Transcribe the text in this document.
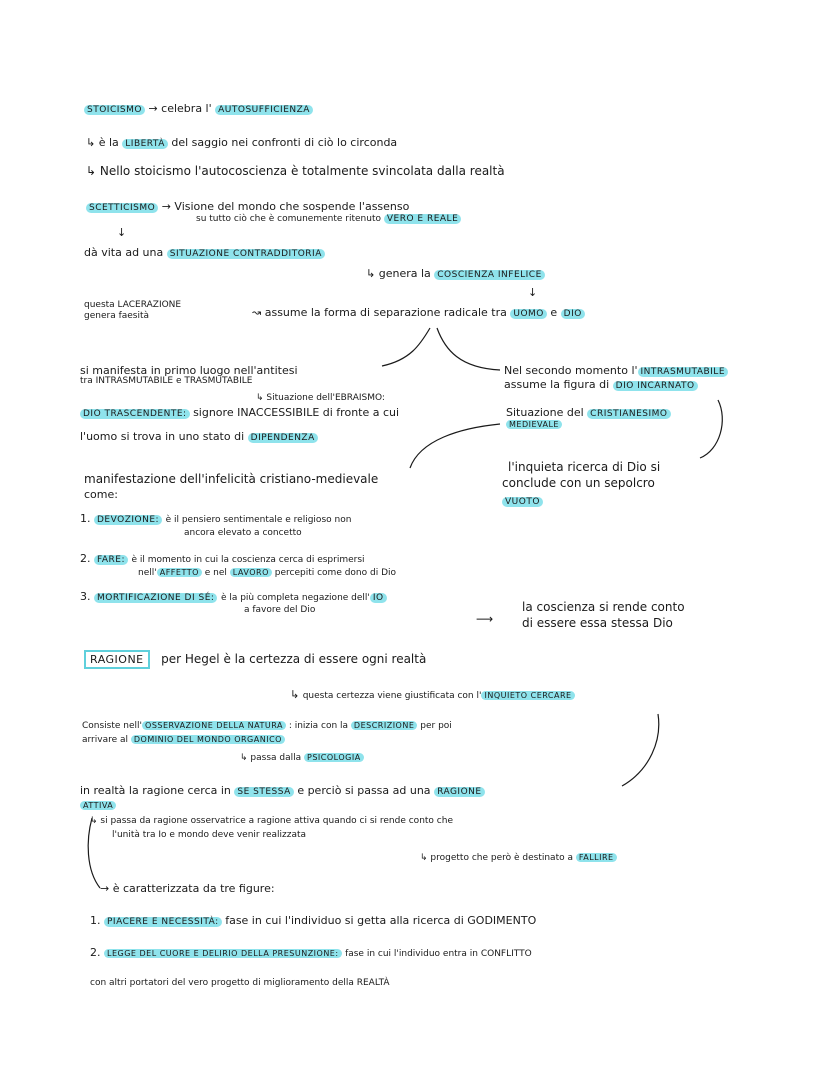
STOICISMO → celebra l' AUTOSUFFICIENZA
↳ è la LIBERTÀ del saggio nei confronti di ciò lo circonda
↳ Nello stoicismo l'autocoscienza è totalmente svincolata dalla realtà
SCETTICISMO → Visione del mondo che sospende l'assenso
su tutto ciò che è comunemente ritenuto VERO E REALE
↓
dà vita ad una SITUAZIONE CONTRADDITORIA
↳ genera la COSCIENZA INFELICE
↓
questa LACERAZIONE
genera faesità	↝ assume la forma di separazione radicale tra UOMO e DIO
si manifesta in primo luogo nell'antitesi
tra INTRASMUTABILE e TRASMUTABILE
↳ Situazione dell'EBRAISMO:
DIO TRASCENDENTE: signore INACCESSIBILE di fronte a cui
l'uomo si trova in uno stato di DIPENDENZA
Nel secondo momento l' INTRASMUTABILE
assume la figura di DIO INCARNATO
Situazione del CRISTIANESIMO
MEDIEVALE
l'inquieta ricerca di Dio si
conclude con un sepolcro
VUOTO
manifestazione dell'infelicità cristiano-medievale
come:
1. DEVOZIONE: è il pensiero sentimentale e religioso non
ancora elevato a concetto
2. FARE: è il momento in cui la coscienza cerca di esprimersi
nell' AFFETTO e nel LAVORO percepiti come dono di Dio
3. MORTIFICAZIONE DI SÉ: è la più completa negazione dell' IO
a favore del Dio
⟶
la coscienza si rende conto
di essere essa stessa Dio
RAGIONE per Hegel è la certezza di essere ogni realtà
↳ questa certezza viene giustificata con l' INQUIETO CERCARE
Consiste nell' OSSERVAZIONE DELLA NATURA : inizia con la DESCRIZIONE per poi
arrivare al DOMINIO DEL MONDO ORGANICO
↳ passa dalla PSICOLOGIA
in realtà la ragione cerca in SE STESSA e perciò si passa ad una RAGIONE
ATTIVA
↳ si passa da ragione osservatrice a ragione attiva quando ci si rende conto che
l'unità tra Io e mondo deve venir realizzata
↳ progetto che però è destinato a FALLIRE
→ è caratterizzata da tre figure:
1. PIACERE E NECESSITÀ: fase in cui l'individuo si getta alla ricerca di GODIMENTO
2. LEGGE DEL CUORE E DELIRIO DELLA PRESUNZIONE: fase in cui l'individuo entra in CONFLITTO
con altri portatori del vero progetto di miglioramento della REALTÀ
